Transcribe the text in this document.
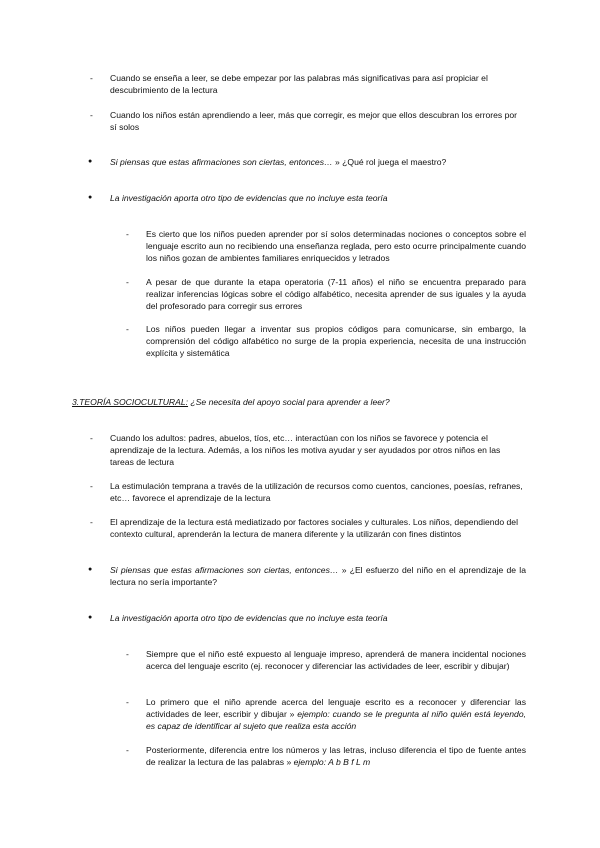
- Cuando se enseña a leer, se debe empezar por las palabras más significativas para así propiciar el descubrimiento de la lectura
- Cuando los niños están aprendiendo a leer, más que corregir, es mejor que ellos descubran los errores por sí solos
● Si piensas que estas afirmaciones son ciertas, entonces… » ¿Qué rol juega el maestro?
● La investigación aporta otro tipo de evidencias que no incluye esta teoría
- Es cierto que los niños pueden aprender por sí solos determinadas nociones o conceptos sobre el lenguaje escrito aun no recibiendo una enseñanza reglada, pero esto ocurre principalmente cuando los niños gozan de ambientes familiares enriquecidos y letrados
- A pesar de que durante la etapa operatoria (7-11 años) el niño se encuentra preparado para realizar inferencias lógicas sobre el código alfabético, necesita aprender de sus iguales y la ayuda del profesorado para corregir sus errores
- Los niños pueden llegar a inventar sus propios códigos para comunicarse, sin embargo, la comprensión del código alfabético no surge de la propia experiencia, necesita de una instrucción explícita y sistemática
3.TEORÍA SOCIOCULTURAL: ¿Se necesita del apoyo social para aprender a leer?
- Cuando los adultos: padres, abuelos, tíos, etc… interactúan con los niños se favorece y potencia el aprendizaje de la lectura. Además, a los niños les motiva ayudar y ser ayudados por otros niños en las tareas de lectura
- La estimulación temprana a través de la utilización de recursos como cuentos, canciones, poesías, refranes, etc… favorece el aprendizaje de la lectura
- El aprendizaje de la lectura está mediatizado por factores sociales y culturales. Los niños, dependiendo del contexto cultural, aprenderán la lectura de manera diferente y la utilizarán con fines distintos
● Si piensas que estas afirmaciones son ciertas, entonces… » ¿El esfuerzo del niño en el aprendizaje de la lectura no sería importante?
● La investigación aporta otro tipo de evidencias que no incluye esta teoría
- Siempre que el niño esté expuesto al lenguaje impreso, aprenderá de manera incidental nociones acerca del lenguaje escrito (ej. reconocer y diferenciar las actividades de leer, escribir y dibujar)
- Lo primero que el niño aprende acerca del lenguaje escrito es a reconocer y diferenciar las actividades de leer, escribir y dibujar » ejemplo: cuando se le pregunta al niño quién está leyendo, es capaz de identificar al sujeto que realiza esta acción
- Posteriormente, diferencia entre los números y las letras, incluso diferencia el tipo de fuente antes de realizar la lectura de las palabras » ejemplo: A b B f L m
